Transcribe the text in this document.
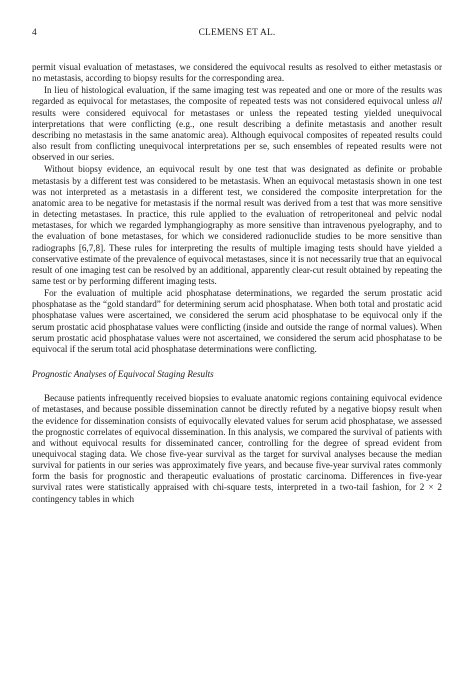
4	CLEMENS ET AL.

permit visual evaluation of metastases, we considered the equivocal results as resolved to either metastasis or no metastasis, according to biopsy results for the corresponding area.

In lieu of histological evaluation, if the same imaging test was repeated and one or more of the results was regarded as equivocal for metastases, the composite of repeated tests was not considered equivocal unless all results were considered equivocal for metastases or unless the repeated testing yielded unequivocal interpretations that were conflicting (e.g., one result describing a definite metastasis and another result describing no metastasis in the same anatomic area). Although equivocal composites of repeated results could also result from conflicting unequivocal interpretations per se, such ensembles of repeated results were not observed in our series.

Without biopsy evidence, an equivocal result by one test that was designated as definite or probable metastasis by a different test was considered to be metastasis. When an equivocal metastasis shown in one test was not interpreted as a metastasis in a different test, we considered the composite interpretation for the anatomic area to be negative for metastasis if the normal result was derived from a test that was more sensitive in detecting metastases. In practice, this rule applied to the evaluation of retroperitoneal and pelvic nodal metastases, for which we regarded lymphangiography as more sensitive than intravenous pyelography, and to the evaluation of bone metastases, for which we considered radionuclide studies to be more sensitive than radiographs [6,7,8]. These rules for interpreting the results of multiple imaging tests should have yielded a conservative estimate of the prevalence of equivocal metastases, since it is not necessarily true that an equivocal result of one imaging test can be resolved by an additional, apparently clear-cut result obtained by repeating the same test or by performing different imaging tests.

For the evaluation of multiple acid phosphatase determinations, we regarded the serum prostatic acid phosphatase as the “gold standard” for determining serum acid phosphatase. When both total and prostatic acid phosphatase values were ascertained, we considered the serum acid phosphatase to be equivocal only if the serum prostatic acid phosphatase values were conflicting (inside and outside the range of normal values). When serum prostatic acid phosphatase values were not ascertained, we considered the serum acid phosphatase to be equivocal if the serum total acid phosphatase determinations were conflicting.

Prognostic Analyses of Equivocal Staging Results

Because patients infrequently received biopsies to evaluate anatomic regions containing equivocal evidence of metastases, and because possible dissemination cannot be directly refuted by a negative biopsy result when the evidence for dissemination consists of equivocally elevated values for serum acid phosphatase, we assessed the prognostic correlates of equivocal dissemination. In this analysis, we compared the survival of patients with and without equivocal results for disseminated cancer, controlling for the degree of spread evident from unequivocal staging data. We chose five-year survival as the target for survival analyses because the median survival for patients in our series was approximately five years, and because five-year survival rates commonly form the basis for prognostic and therapeutic evaluations of prostatic carcinoma. Differences in five-year survival rates were statistically appraised with chi-square tests, interpreted in a two-tail fashion, for 2 × 2 contingency tables in which
